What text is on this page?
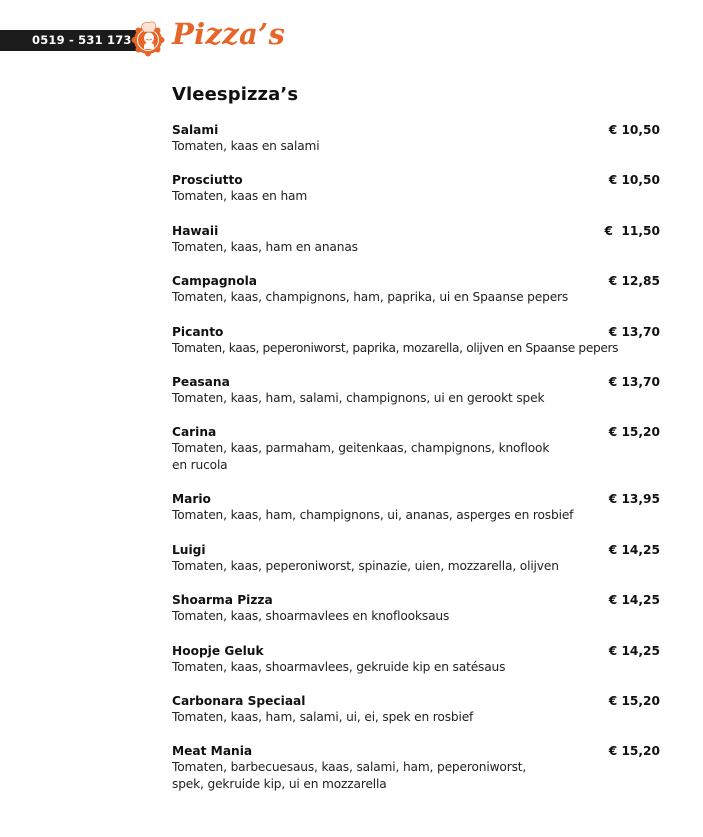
0519 - 531 173 Pizza’s
Vleespizza’s
Salami
Tomaten, kaas en salami
€ 10,50
Prosciutto
Tomaten, kaas en ham
€ 10,50
Hawaii
Tomaten, kaas, ham en ananas
€  11,50
Campagnola
Tomaten, kaas, champignons, ham, paprika, ui en Spaanse pepers
€ 12,85
Picanto
Tomaten, kaas, peperoniworst, paprika, mozarella, olijven en Spaanse pepers
€ 13,70
Peasana
Tomaten, kaas, ham, salami, champignons, ui en gerookt spek
€ 13,70
Carina
Tomaten, kaas, parmaham, geitenkaas, champignons, knoflook en rucola
€ 15,20
Mario
Tomaten, kaas, ham, champignons, ui, ananas, asperges en rosbief
€ 13,95
Luigi
Tomaten, kaas, peperoniworst, spinazie, uien, mozzarella, olijven
€ 14,25
Shoarma Pizza
Tomaten, kaas, shoarmavlees en knoflooksaus
€ 14,25
Hoopje Geluk
Tomaten, kaas, shoarmavlees, gekruide kip en satésaus
€ 14,25
Carbonara Speciaal
Tomaten, kaas, ham, salami, ui, ei, spek en rosbief
€ 15,20
Meat Mania
Tomaten, barbecuesaus, kaas, salami, ham, peperoniworst, spek, gekruide kip, ui en mozzarella
€ 15,20
